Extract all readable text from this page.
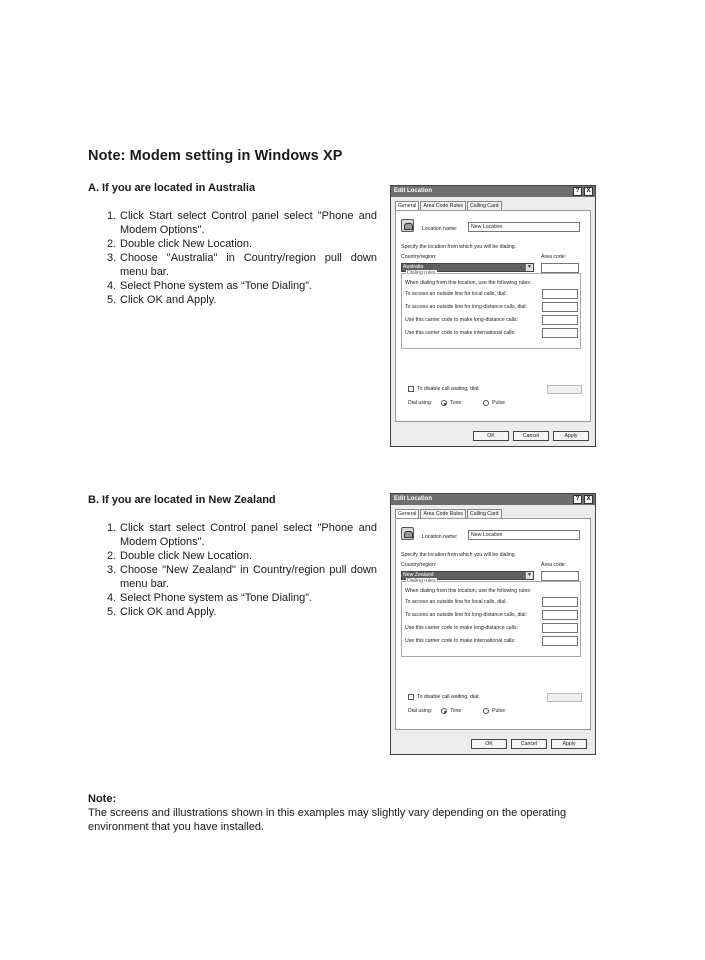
Note: Modem setting in Windows XP
A. If you are located in Australia
1. Click Start select Control panel select "Phone and Modem Options".
2. Double click New Location.
3. Choose "Australia" in Country/region pull down menu bar.
4. Select Phone system as “Tone Dialing”.
5. Click OK and Apply.
Edit Location	?	X
General	Area Code Rules	Calling Card
Location name:	New Location
Specify the location from which you will be dialing.
Country/region:	Area code:
Australia	▼
Dialing rules
When dialing from this location, use the following rules:
To access an outside line for local calls, dial:
To access an outside line for long-distance calls, dial:
Use this carrier code to make long-distance calls:
Use this carrier code to make international calls:
To disable call waiting, dial:
Dial using:	Tone	Pulse
OK	Cancel	Apply
B. If you are located in New Zealand
1. Click start select Control panel select "Phone and Modem Options".
2. Double click New Location.
3. Choose "New Zealand" in Country/region pull down menu bar.
4. Select Phone system as “Tone Dialing”.
5. Click OK and Apply.
Edit Location	?	X
General	Area Code Rules	Calling Card
Location name:	New Location
Specify the location from which you will be dialing.
Country/region:	Area code:
New Zealand	▼
Dialing rules
When dialing from this location, use the following rules:
To access an outside line for local calls, dial:
To access an outside line for long-distance calls, dial:
Use this carrier code to make long-distance calls:
Use this carrier code to make international calls:
To disable call waiting, dial:
Dial using:	Tone	Pulse
OK	Cancel	Apply
Note:
The screens and illustrations shown in this examples may slightly vary depending on the operating environment that you have installed.
